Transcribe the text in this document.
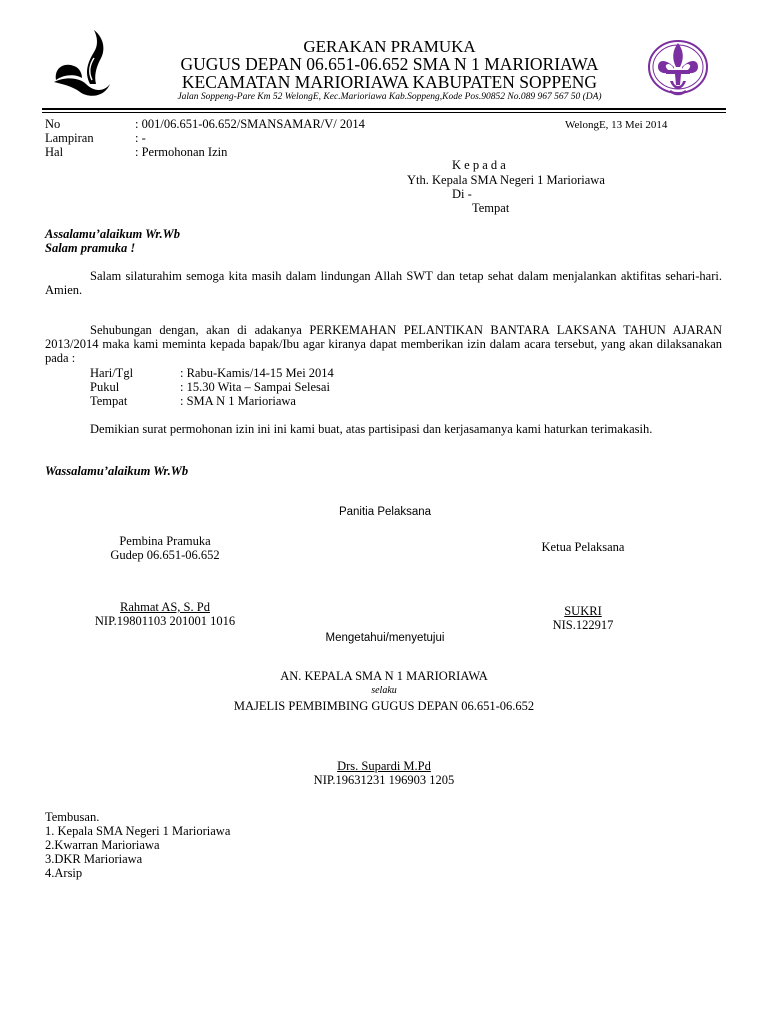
GERAKAN PRAMUKA
GUGUS DEPAN 06.651-06.652 SMA N 1 MARIORIAWA
KECAMATAN MARIORIAWA KABUPATEN SOPPENG
Jalan Soppeng-Pare Km 52 WelongE, Kec.Marioriawa Kab.Soppeng,Kode Pos.90852 No.089 967 567 50 (DA)
No	: 001/06.651-06.652/SMANSAMAR/V/ 2014	WelongE, 13 Mei 2014
Lampiran	: -
Hal	: Permohonan Izin
K e p a d a
Yth. Kepala SMA Negeri 1 Marioriawa
Di -
Tempat
Assalamu’alaikum Wr.Wb
Salam pramuka !
Salam silaturahim semoga kita masih dalam lindungan Allah SWT dan tetap sehat dalam menjalankan aktifitas sehari-hari. Amien.
Sehubungan dengan, akan di adakanya PERKEMAHAN PELANTIKAN BANTARA LAKSANA TAHUN AJARAN 2013/2014 maka kami meminta kepada bapak/Ibu agar kiranya dapat memberikan izin dalam acara tersebut, yang akan dilaksanakan pada :
Hari/Tgl	: Rabu-Kamis/14-15 Mei 2014
Pukul	: 15.30 Wita – Sampai Selesai
Tempat	: SMA N 1 Marioriawa
Demikian surat permohonan izin ini ini kami buat, atas partisipasi dan kerjasamanya kami haturkan terimakasih.
Wassalamu’alaikum Wr.Wb
Panitia Pelaksana
Pembina Pramuka
Gudep 06.651-06.652
Ketua Pelaksana
Rahmat AS, S. Pd
NIP.19801103 201001 1016
SUKRI
NIS.122917
Mengetahui/menyetujui
AN. KEPALA SMA N 1 MARIORIAWA
selaku
MAJELIS PEMBIMBING GUGUS DEPAN 06.651-06.652
Drs. Supardi M.Pd
NIP.19631231 196903 1205
Tembusan.
1. Kepala SMA Negeri 1 Marioriawa
2.Kwarran Marioriawa
3.DKR Marioriawa
4.Arsip
